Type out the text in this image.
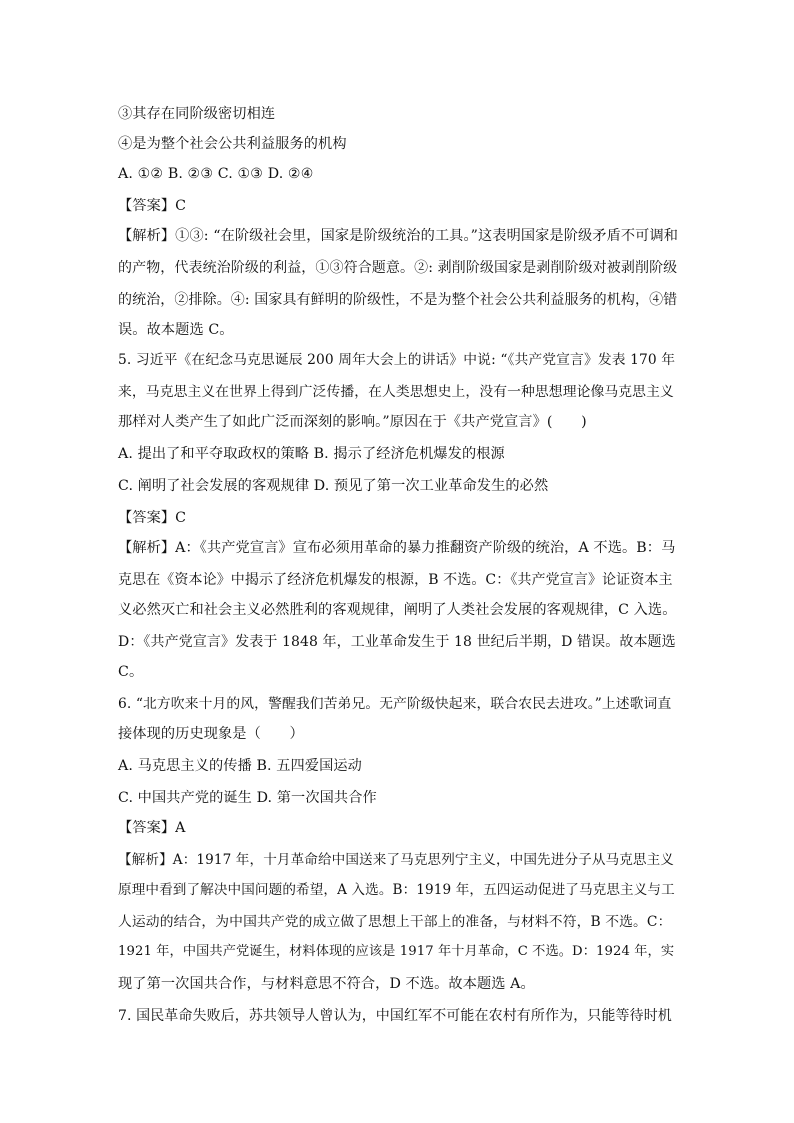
③其存在同阶级密切相连
④是为整个社会公共利益服务的机构
A. ①② B. ②③ C. ①③ D. ②④
【答案】C
【解析】①③: “在阶级社会里，国家是阶级统治的工具。”这表明国家是阶级矛盾不可调和
的产物，代表统治阶级的利益，①③符合题意。②: 剥削阶级国家是剥削阶级对被剥削阶级
的统治，②排除。④: 国家具有鲜明的阶级性，不是为整个社会公共利益服务的机构，④错
误。故本题选 C。
5. 习近平《在纪念马克思诞辰 200 周年大会上的讲话》中说: “《共产党宣言》发表 170 年
来，马克思主义在世界上得到广泛传播，在人类思想史上，没有一种思想理论像马克思主义
那样对人类产生了如此广泛而深刻的影响。”原因在于《共产党宣言》(　　)
A. 提出了和平夺取政权的策略 B. 揭示了经济危机爆发的根源
C. 阐明了社会发展的客观规律 D. 预见了第一次工业革命发生的必然
【答案】C
【解析】A：《共产党宣言》宣布必须用革命的暴力推翻资产阶级的统治，A 不选。B：马
克思在《资本论》中揭示了经济危机爆发的根源，B 不选。C：《共产党宣言》论证资本主
义必然灭亡和社会主义必然胜利的客观规律，阐明了人类社会发展的客观规律，C 入选。
D：《共产党宣言》发表于 1848 年，工业革命发生于 18 世纪后半期，D 错误。故本题选
C。
6. “北方吹来十月的风，警醒我们苦弟兄。无产阶级快起来，联合农民去进攻。”上述歌词直
接体现的历史现象是（　　）
A. 马克思主义的传播 B. 五四爱国运动
C. 中国共产党的诞生 D. 第一次国共合作
【答案】A
【解析】A：1917 年，十月革命给中国送来了马克思列宁主义，中国先进分子从马克思主义
原理中看到了解决中国问题的希望，A 入选。B：1919 年，五四运动促进了马克思主义与工
人运动的结合，为中国共产党的成立做了思想上干部上的准备，与材料不符，B 不选。C：
1921 年，中国共产党诞生，材料体现的应该是 1917 年十月革命，C 不选。D：1924 年，实
现了第一次国共合作，与材料意思不符合，D 不选。故本题选 A。
7. 国民革命失败后，苏共领导人曾认为，中国红军不可能在农村有所作为，只能等待时机
